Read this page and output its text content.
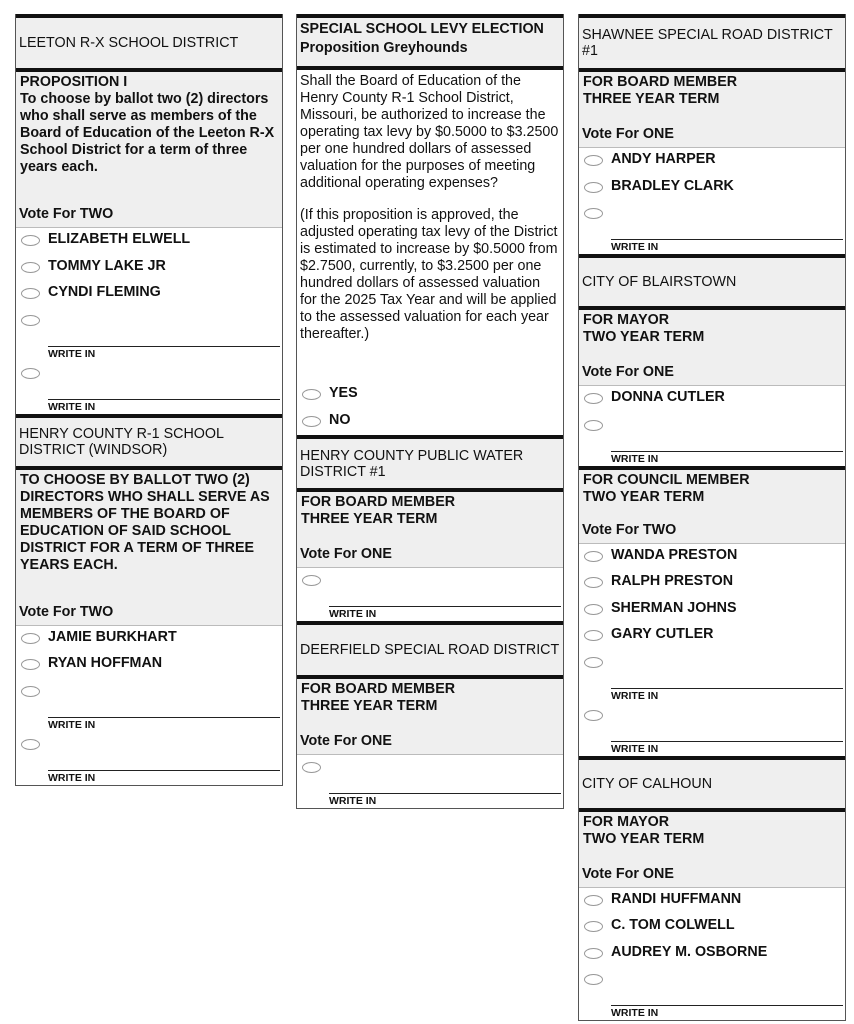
LEETON R-X SCHOOL DISTRICT
PROPOSITION I
To choose by ballot two (2) directors who shall serve as members of the Board of Education of the Leeton R-X School District for a term of three years each.
Vote For TWO
ELIZABETH ELWELL
TOMMY LAKE JR
CYNDI FLEMING
WRITE IN
WRITE IN
HENRY COUNTY R-1 SCHOOL DISTRICT (WINDSOR)
TO CHOOSE BY BALLOT TWO (2) DIRECTORS WHO SHALL SERVE AS MEMBERS OF THE BOARD OF EDUCATION OF SAID SCHOOL DISTRICT FOR A TERM OF THREE YEARS EACH.
Vote For TWO
JAMIE BURKHART
RYAN HOFFMAN
WRITE IN
WRITE IN
SPECIAL SCHOOL LEVY ELECTION
Proposition Greyhounds

Shall the Board of Education of the Henry County R-1 School District, Missouri, be authorized to increase the operating tax levy by $0.5000 to $3.2500 per one hundred dollars of assessed valuation for the purposes of meeting additional operating expenses?

(If this proposition is approved, the adjusted operating tax levy of the District is estimated to increase by $0.5000 from $2.7500, currently, to $3.2500 per one hundred dollars of assessed valuation for the 2025 Tax Year and will be applied to the assessed valuation for each year thereafter.)

YES
NO
HENRY COUNTY PUBLIC WATER DISTRICT #1
FOR BOARD MEMBER
THREE YEAR TERM
Vote For ONE
WRITE IN
DEERFIELD SPECIAL ROAD DISTRICT
FOR BOARD MEMBER
THREE YEAR TERM
Vote For ONE
WRITE IN
SHAWNEE SPECIAL ROAD DISTRICT #1
FOR BOARD MEMBER
THREE YEAR TERM
Vote For ONE
ANDY HARPER
BRADLEY CLARK
WRITE IN
CITY OF BLAIRSTOWN
FOR MAYOR
TWO YEAR TERM
Vote For ONE
DONNA CUTLER
WRITE IN
FOR COUNCIL MEMBER
TWO YEAR TERM
Vote For TWO
WANDA PRESTON
RALPH PRESTON
SHERMAN JOHNS
GARY CUTLER
WRITE IN
WRITE IN
CITY OF CALHOUN
FOR MAYOR
TWO YEAR TERM
Vote For ONE
RANDI HUFFMANN
C. TOM COLWELL
AUDREY M. OSBORNE
WRITE IN
